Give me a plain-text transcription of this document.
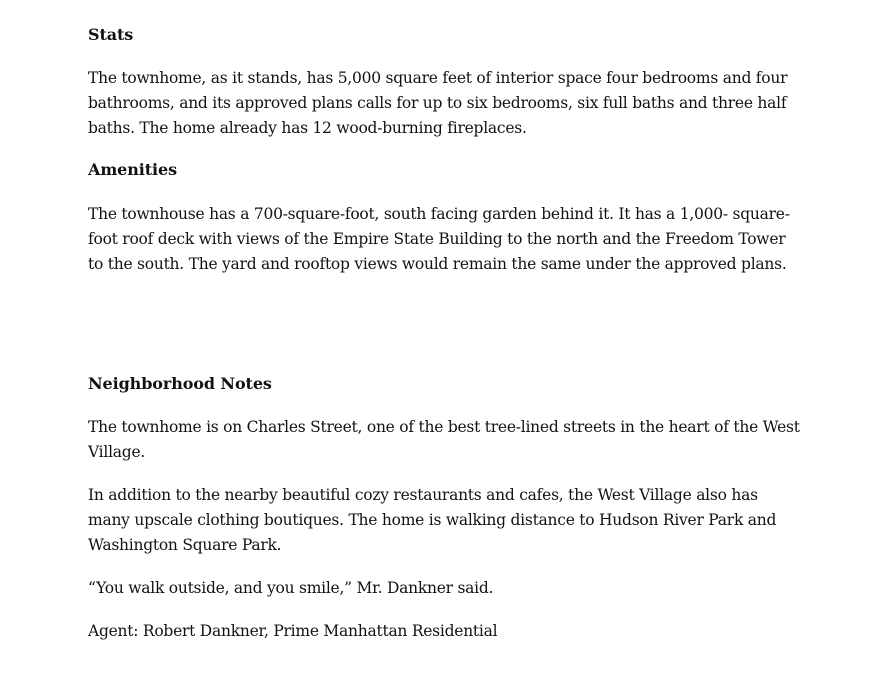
Stats

The townhome, as it stands, has 5,000 square feet of interior space four bedrooms and four bathrooms, and its approved plans calls for up to six bedrooms, six full baths and three half baths. The home already has 12 wood-burning fireplaces.

Amenities

The townhouse has a 700-square-foot, south facing garden behind it. It has a 1,000- square-foot roof deck with views of the Empire State Building to the north and the Freedom Tower to the south. The yard and rooftop views would remain the same under the approved plans.

Neighborhood Notes

The townhome is on Charles Street, one of the best tree-lined streets in the heart of the West Village.

In addition to the nearby beautiful cozy restaurants and cafes, the West Village also has many upscale clothing boutiques. The home is walking distance to Hudson River Park and Washington Square Park.

“You walk outside, and you smile,” Mr. Dankner said.

Agent: Robert Dankner, Prime Manhattan Residential
